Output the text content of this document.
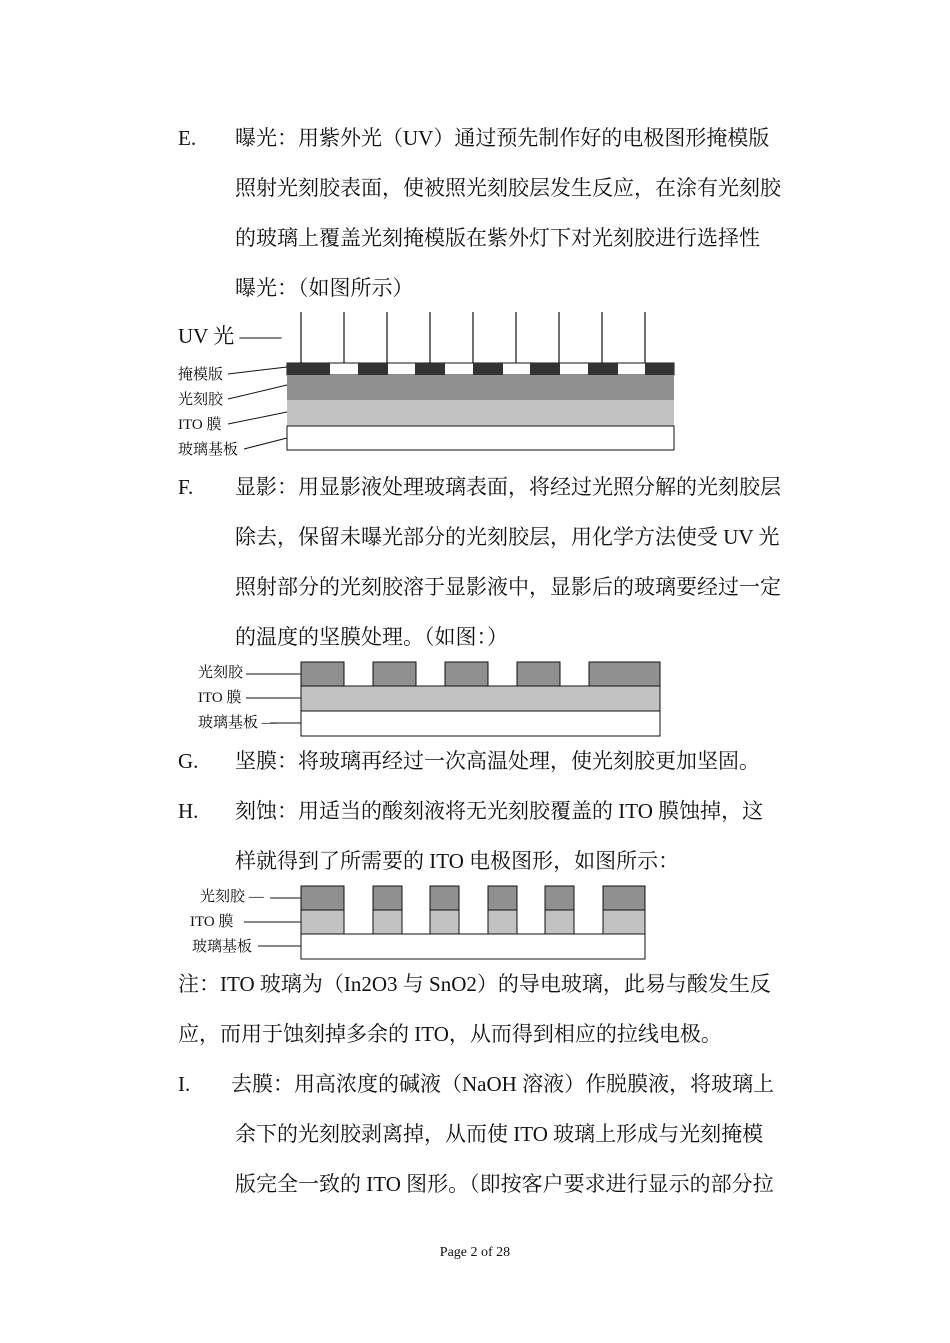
E. 曝光：用紫外光（UV）通过预先制作好的电极图形掩模版
照射光刻胶表面，使被照光刻胶层发生反应，在涂有光刻胶
的玻璃上覆盖光刻掩模版在紫外灯下对光刻胶进行选择性
曝光：（如图所示）
UV 光 ——
掩模版
光刻胶
ITO 膜
玻璃基板
F. 显影：用显影液处理玻璃表面，将经过光照分解的光刻胶层
除去，保留未曝光部分的光刻胶层，用化学方法使受 UV 光
照射部分的光刻胶溶于显影液中，显影后的玻璃要经过一定
的温度的坚膜处理。（如图：）
光刻胶
ITO 膜
玻璃基板 —
G. 坚膜：将玻璃再经过一次高温处理，使光刻胶更加坚固。
H. 刻蚀：用适当的酸刻液将无光刻胶覆盖的 ITO 膜蚀掉，这
样就得到了所需要的 ITO 电极图形，如图所示：
光刻胶 —
ITO 膜
玻璃基板
注：ITO 玻璃为（In2O3 与 SnO2）的导电玻璃，此易与酸发生反
应，而用于蚀刻掉多余的 ITO，从而得到相应的拉线电极。
I. 去膜：用高浓度的碱液（NaOH 溶液）作脱膜液，将玻璃上
余下的光刻胶剥离掉，从而使 ITO 玻璃上形成与光刻掩模
版完全一致的 ITO 图形。（即按客户要求进行显示的部分拉
Page 2 of 28
